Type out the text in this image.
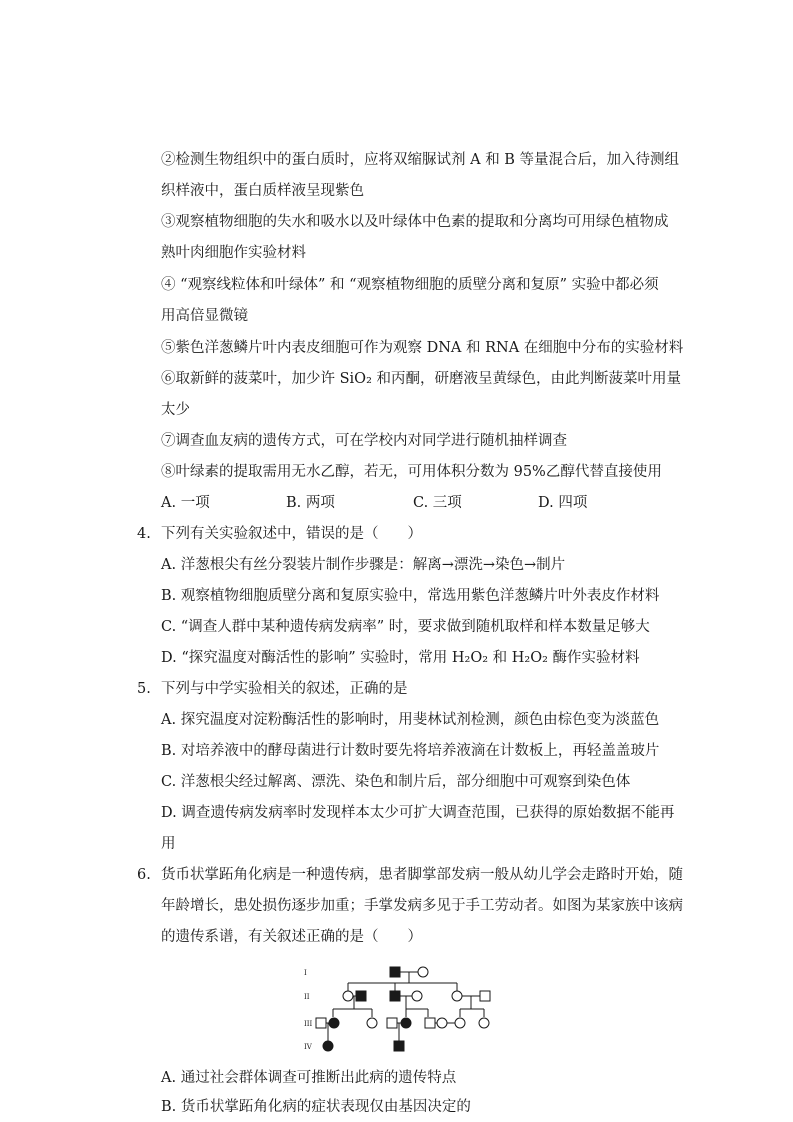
②检测生物组织中的蛋白质时，应将双缩脲试剂 A 和 B 等量混合后，加入待测组
织样液中，蛋白质样液呈现紫色
③观察植物细胞的失水和吸水以及叶绿体中色素的提取和分离均可用绿色植物成
熟叶肉细胞作实验材料
④ “观察线粒体和叶绿体” 和 “观察植物细胞的质壁分离和复原” 实验中都必须
用高倍显微镜
⑤紫色洋葱鳞片叶内表皮细胞可作为观察 DNA 和 RNA 在细胞中分布的实验材料
⑥取新鲜的菠菜叶，加少许 SiO₂ 和丙酮，研磨液呈黄绿色，由此判断菠菜叶用量
太少
⑦调查血友病的遗传方式，可在学校内对同学进行随机抽样调查
⑧叶绿素的提取需用无水乙醇，若无，可用体积分数为 95%乙醇代替直接使用
A. 一项	B. 两项	C. 三项	D. 四项
4. 下列有关实验叙述中，错误的是（　　）
A. 洋葱根尖有丝分裂装片制作步骤是：解离→漂洗→染色→制片
B. 观察植物细胞质壁分离和复原实验中，常选用紫色洋葱鳞片叶外表皮作材料
C. “调查人群中某种遗传病发病率” 时，要求做到随机取样和样本数量足够大
D. “探究温度对酶活性的影响” 实验时，常用 H₂O₂ 和 H₂O₂ 酶作实验材料
5. 下列与中学实验相关的叙述，正确的是
A. 探究温度对淀粉酶活性的影响时，用斐林试剂检测，颜色由棕色变为淡蓝色
B. 对培养液中的酵母菌进行计数时要先将培养液滴在计数板上，再轻盖盖玻片
C. 洋葱根尖经过解离、漂洗、染色和制片后，部分细胞中可观察到染色体
D. 调查遗传病发病率时发现样本太少可扩大调查范围，已获得的原始数据不能再
用
6. 货币状掌跖角化病是一种遗传病，患者脚掌部发病一般从幼儿学会走路时开始，随
年龄增长，患处损伤逐步加重；手掌发病多见于手工劳动者。如图为某家族中该病
的遗传系谱，有关叙述正确的是（　　）
I
II
III
IV
A. 通过社会群体调查可推断出此病的遗传特点
B. 货币状掌跖角化病的症状表现仅由基因决定的
